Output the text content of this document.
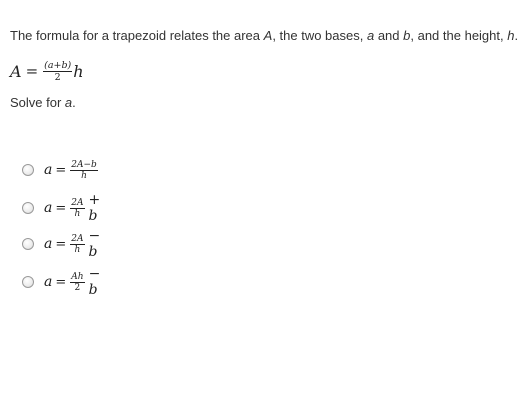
The formula for a trapezoid relates the area A, the two bases, a and b, and the height, h.
$A = \frac{(a+b)}{2}$ h
Solve for a.
$a = \frac{2A-b}{h}$
$a = \frac{2A}{h} + b$
$a = \frac{2A}{h} - b$
$a = \frac{Ah}{2} - b$
